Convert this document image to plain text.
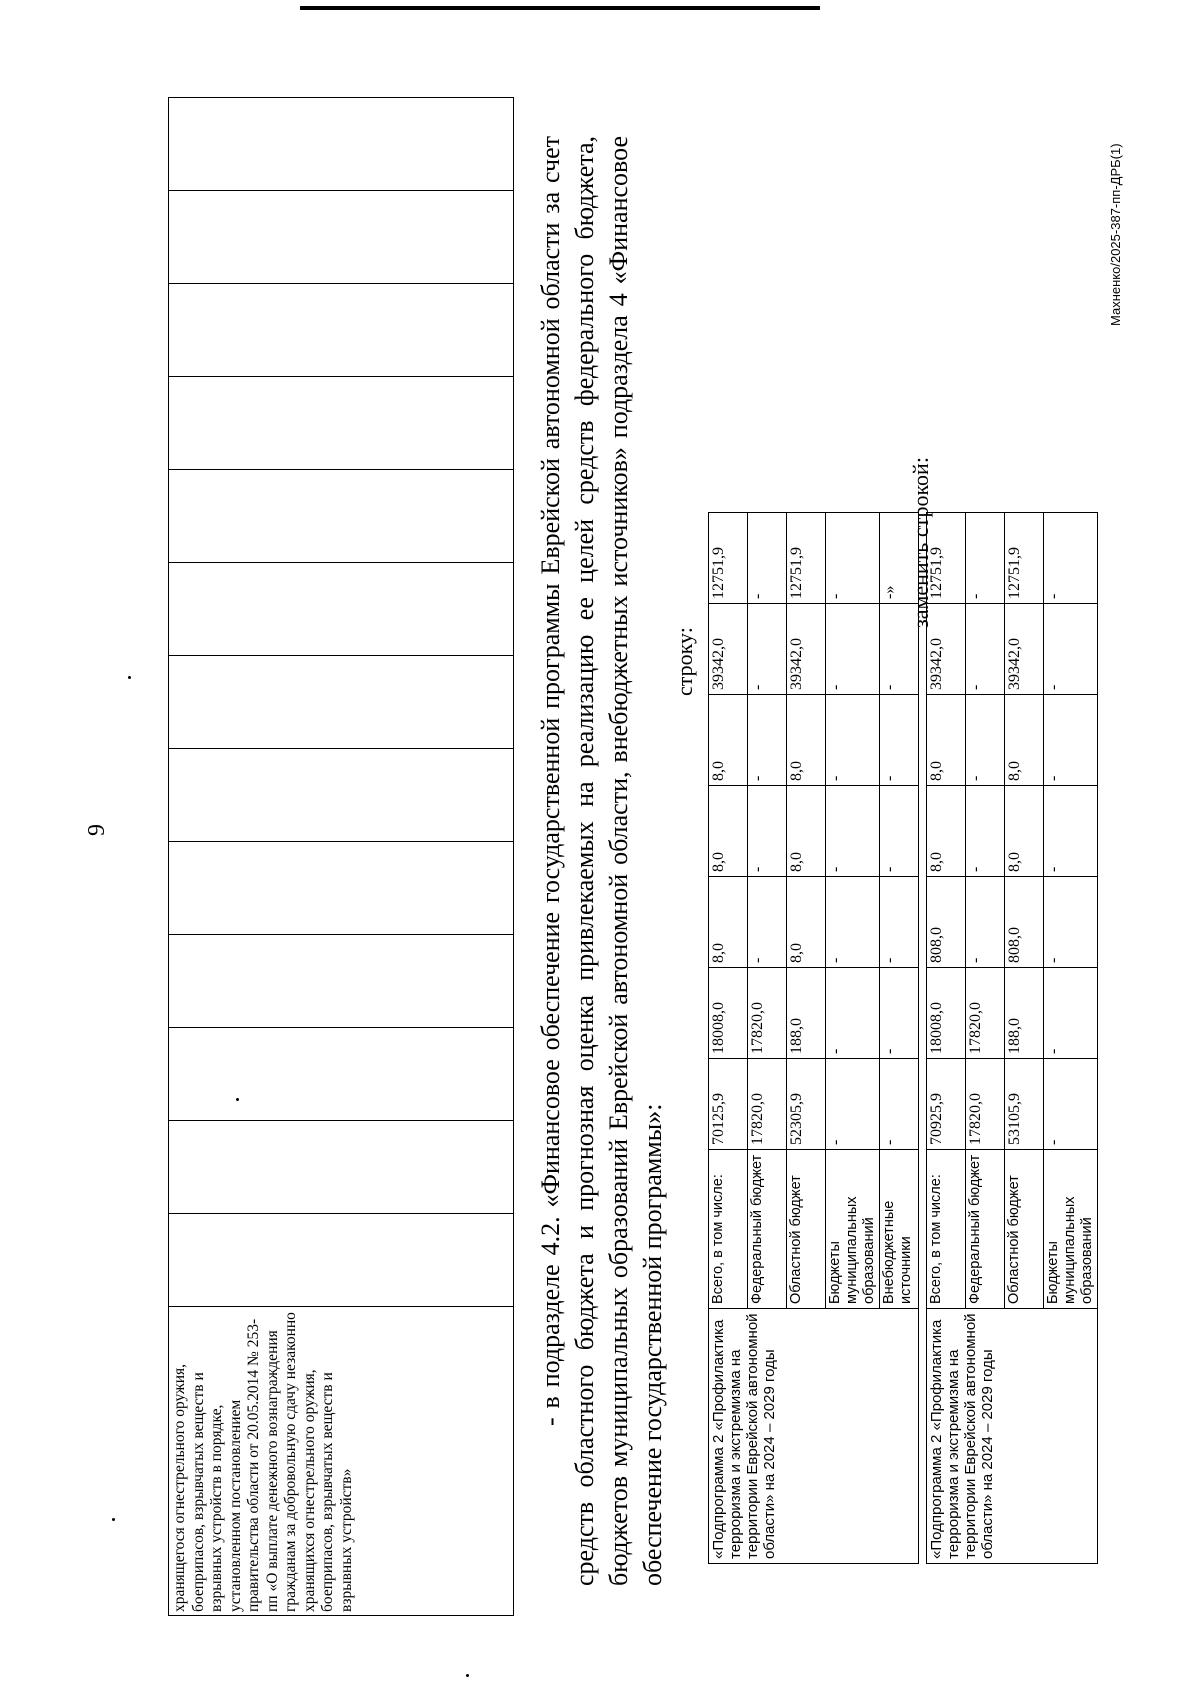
9
Махненко/2025-387-пп-ДРБ(1)
хранящегося огнестрельного оружия, боеприпасов, взрывчатых веществ и взрывных устройств в порядке, установленном постановлением правительства области от 20.05.2014 № 253-пп «О выплате денежного вознаграждения гражданам за добровольную сдачу незаконно хранящихся огнестрельного оружия, боеприпасов, взрывчатых веществ и взрывных устройств»													

- в подразделе 4.2. «Финансовое обеспечение государственной программы Еврейской автономной области за счет средств областного бюджета и прогнозная оценка привлекаемых на реализацию ее целей средств федерального бюджета, бюджетов муниципальных образований Еврейской автономной области, внебюджетных источников» подраздела 4 «Финансовое обеспечение государственной программы»:

строку:
«Подпрограмма 2 «Профилактика терроризма и экстремизма на территории Еврейской автономной области» на 2024 – 2029 годы	Всего, в том числе:	70125,9	18008,0	8,0	8,0	8,0	39342,0	12751,9
	Федеральный бюджет	17820,0	17820,0	-	-	-	-	-
	Областной бюджет	52305,9	188,0	8,0	8,0	8,0	39342,0	12751,9
	Бюджеты муниципальных образований	-	-	-	-	-	-	-
	Внебюджетные источники	-	-	-	-	-	-	-» заменить строкой:
«Подпрограмма 2 «Профилактика терроризма и экстремизма на территории Еврейской автономной области» на 2024 – 2029 годы	Всего, в том числе:	70925,9	18008,0	808,0	8,0	8,0	39342,0	12751,9
	Федеральный бюджет	17820,0	17820,0	-	-	-	-	-
	Областной бюджет	53105,9	188,0	808,0	8,0	8,0	39342,0	12751,9
	Бюджеты муниципальных образований	-	-	-	-	-	-	-
